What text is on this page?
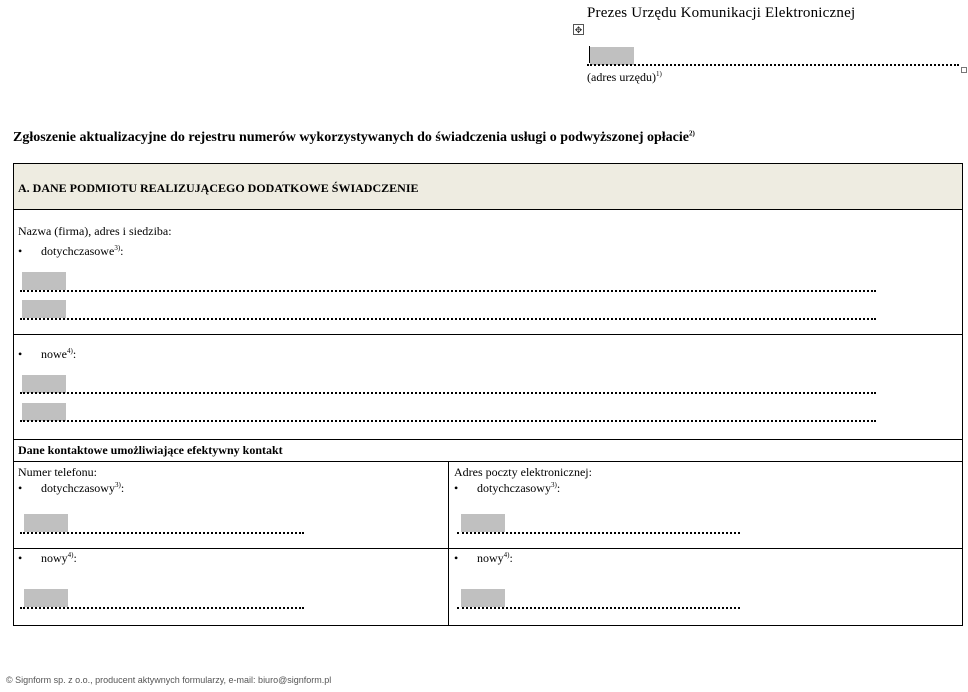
Prezes Urzędu Komunikacji Elektronicznej
✥
(adres urzędu)$^{1)}$
Zgłoszenie aktualizacyjne do rejestru numerów wykorzystywanych do świadczenia usługi o podwyższonej opłacie$^{2)}$
A. DANE PODMIOTU REALIZUJĄCEGO DODATKOWE ŚWIADCZENIE
Nazwa (firma), adres i siedziba:
• dotychczasowe$^{3)}$:
• nowe$^{4)}$:
Dane kontaktowe umożliwiające efektywny kontakt
Numer telefonu:
• dotychczasowy$^{3)}$:
• nowy$^{4)}$:
Adres poczty elektronicznej:
• dotychczasowy$^{3)}$:
• nowy$^{4)}$:
© Signform sp. z o.o., producent aktywnych formularzy, e-mail: biuro@signform.pl
